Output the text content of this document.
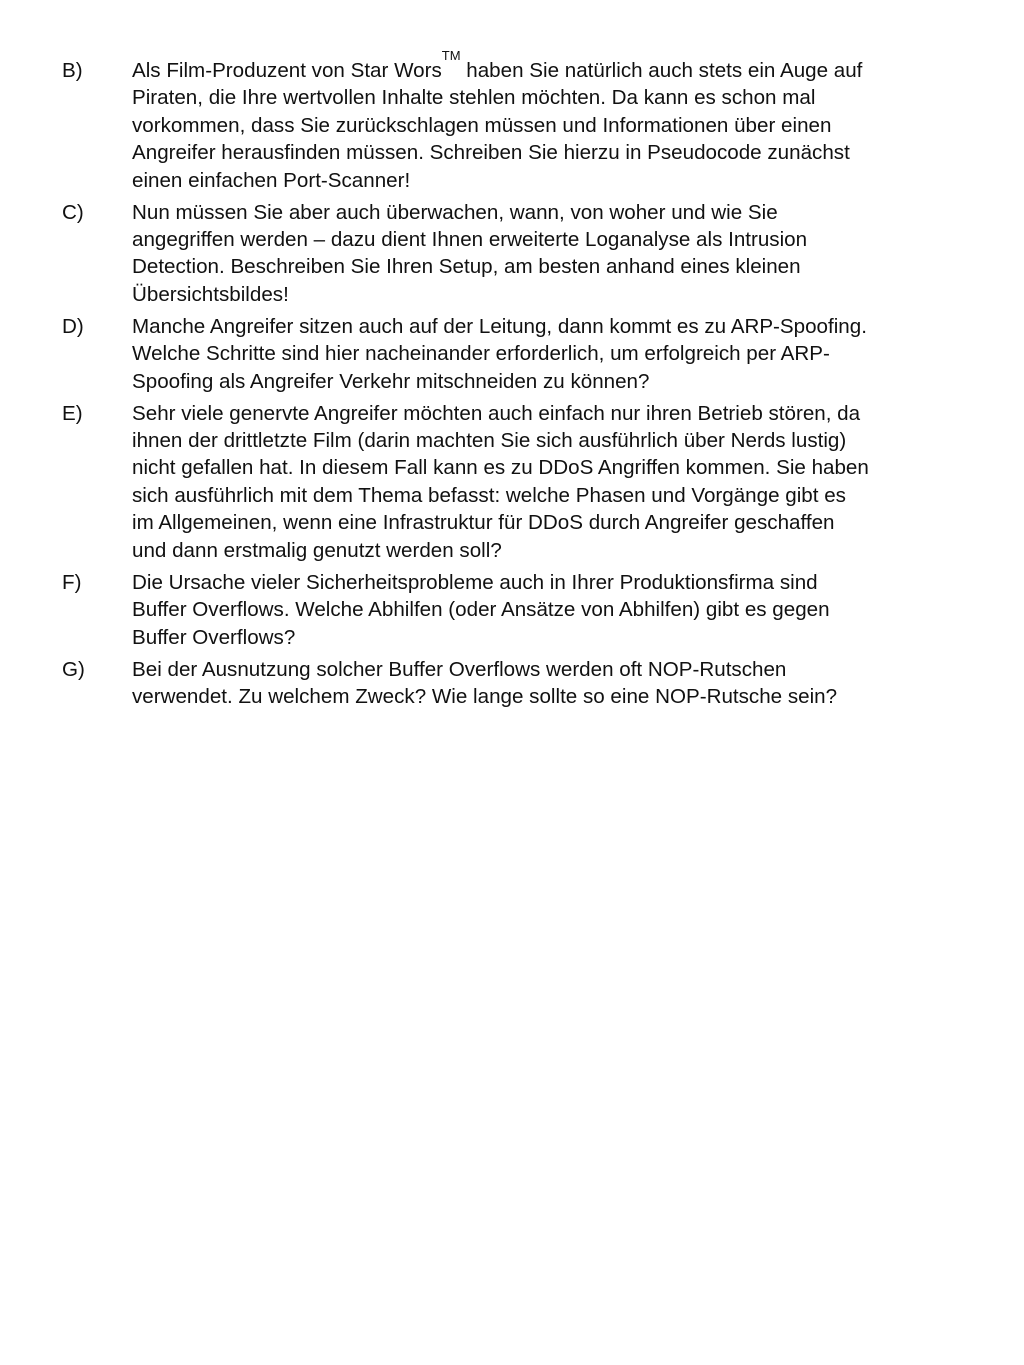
B)	Als Film-Produzent von Star Wors™ haben Sie natürlich auch stets ein Auge auf
Piraten, die Ihre wertvollen Inhalte stehlen möchten. Da kann es schon mal
vorkommen, dass Sie zurückschlagen müssen und Informationen über einen
Angreifer herausfinden müssen. Schreiben Sie hierzu in Pseudocode zunächst
einen einfachen Port-Scanner!
C)	Nun müssen Sie aber auch überwachen, wann, von woher und wie Sie
angegriffen werden – dazu dient Ihnen erweiterte Loganalyse als Intrusion
Detection. Beschreiben Sie Ihren Setup, am besten anhand eines kleinen
Übersichtsbildes!
D)	Manche Angreifer sitzen auch auf der Leitung, dann kommt es zu ARP-Spoofing.
Welche Schritte sind hier nacheinander erforderlich, um erfolgreich per ARP-
Spoofing als Angreifer Verkehr mitschneiden zu können?
E)	Sehr viele genervte Angreifer möchten auch einfach nur ihren Betrieb stören, da
ihnen der drittletzte Film (darin machten Sie sich ausführlich über Nerds lustig)
nicht gefallen hat. In diesem Fall kann es zu DDoS Angriffen kommen. Sie haben
sich ausführlich mit dem Thema befasst: welche Phasen und Vorgänge gibt es
im Allgemeinen, wenn eine Infrastruktur für DDoS durch Angreifer geschaffen
und dann erstmalig genutzt werden soll?
F)	Die Ursache vieler Sicherheitsprobleme auch in Ihrer Produktionsfirma sind
Buffer Overflows. Welche Abhilfen (oder Ansätze von Abhilfen) gibt es gegen
Buffer Overflows?
G)	Bei der Ausnutzung solcher Buffer Overflows werden oft NOP-Rutschen
verwendet. Zu welchem Zweck? Wie lange sollte so eine NOP-Rutsche sein?
